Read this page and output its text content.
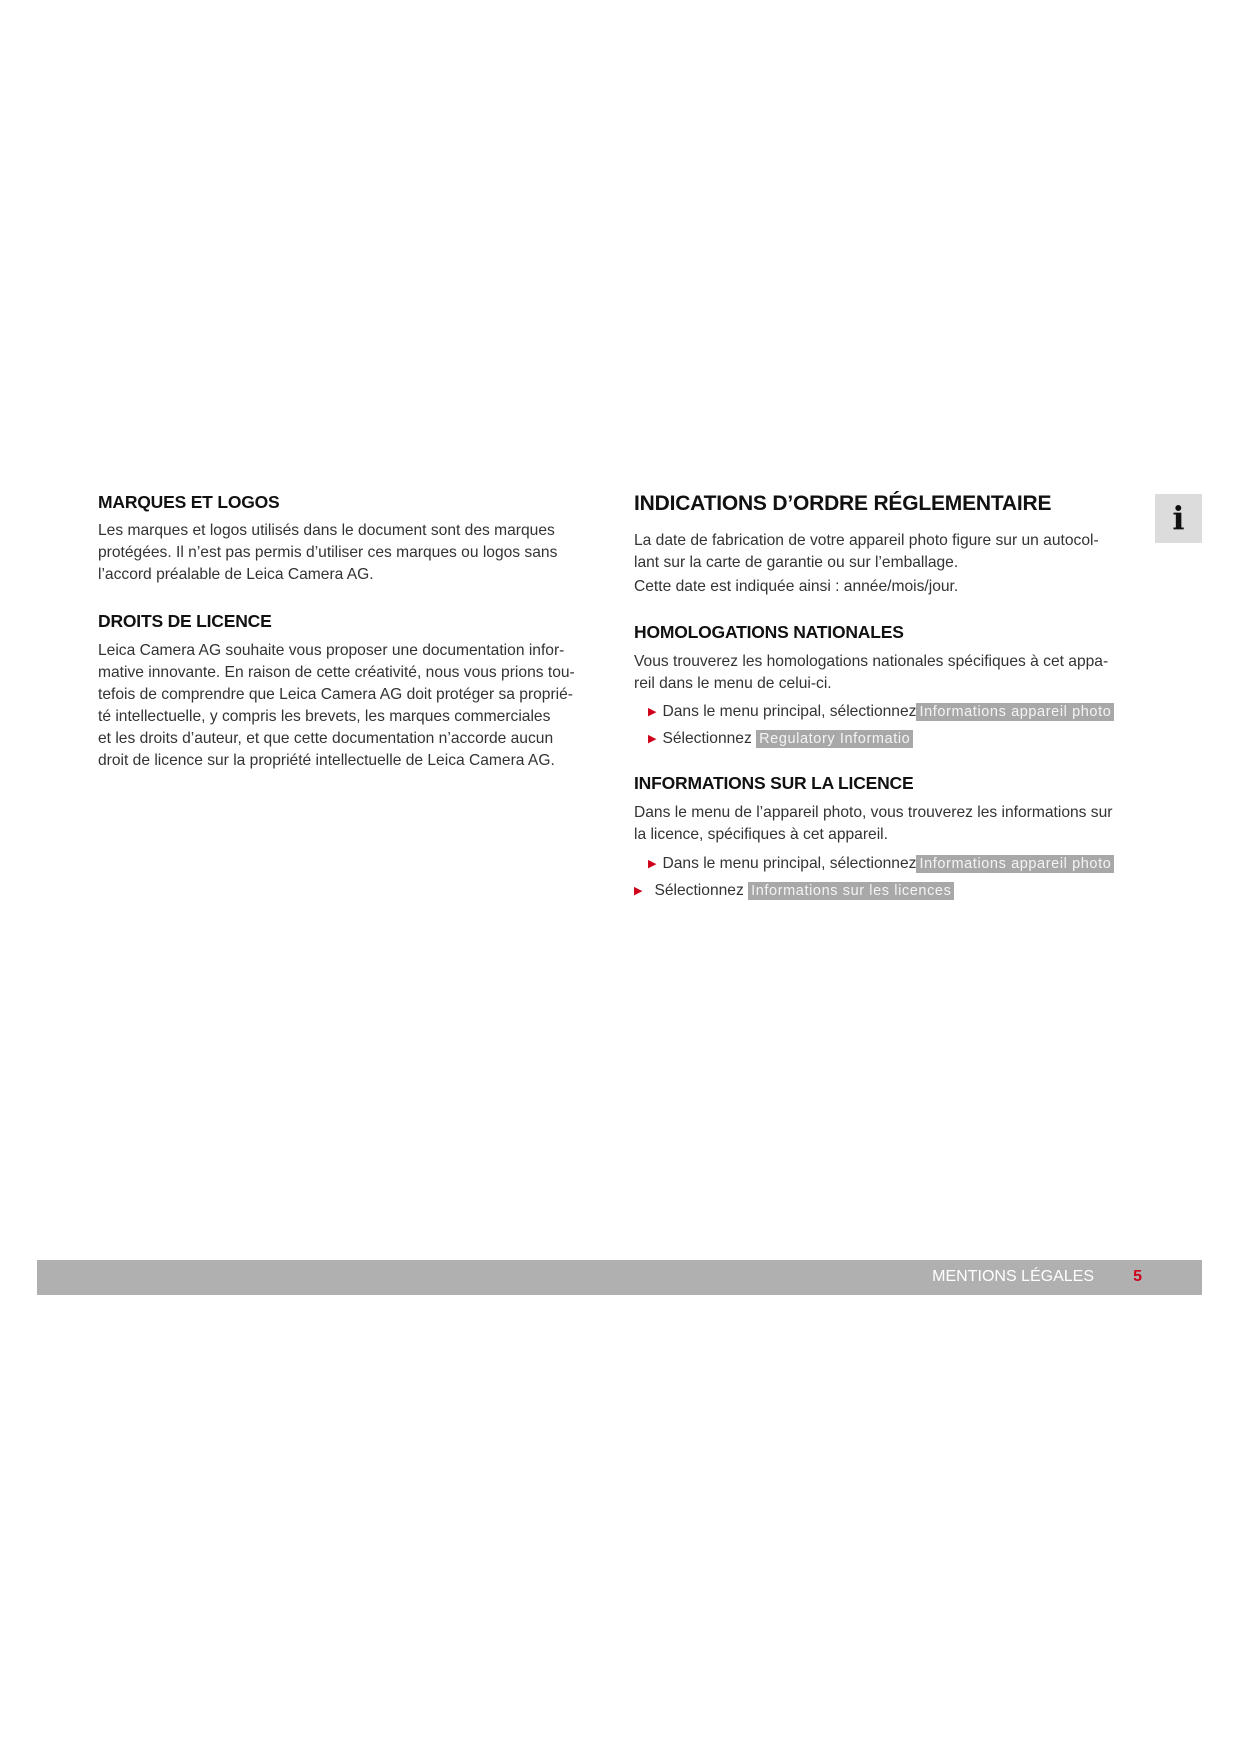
MARQUES ET LOGOS
Les marques et logos utilisés dans le document sont des marques
protégées. Il n’est pas permis d’utiliser ces marques ou logos sans
l’accord préalable de Leica Camera AG.
DROITS DE LICENCE
Leica Camera AG souhaite vous proposer une documentation infor-
mative innovante. En raison de cette créativité, nous vous prions tou-
tefois de comprendre que Leica Camera AG doit protéger sa proprié-
té intellectuelle, y compris les brevets, les marques commerciales
et les droits d’auteur, et que cette documentation n’accorde aucun
droit de licence sur la propriété intellectuelle de Leica Camera AG.
INDICATIONS D’ORDRE RÉGLEMENTAIRE
La date de fabrication de votre appareil photo figure sur un autocol-
lant sur la carte de garantie ou sur l’emballage.
Cette date est indiquée ainsi : année/mois/jour.
HOMOLOGATIONS NATIONALES
Vous trouverez les homologations nationales spécifiques à cet appa-
reil dans le menu de celui-ci.
▶ Dans le menu principal, sélectionnez Informations appareil photo
▶ Sélectionnez Regulatory Informatio
INFORMATIONS SUR LA LICENCE
Dans le menu de l’appareil photo, vous trouverez les informations sur
la licence, spécifiques à cet appareil.
▶ Dans le menu principal, sélectionnez Informations appareil photo
▶ Sélectionnez Informations sur les licences
i
MENTIONS LÉGALES 5
